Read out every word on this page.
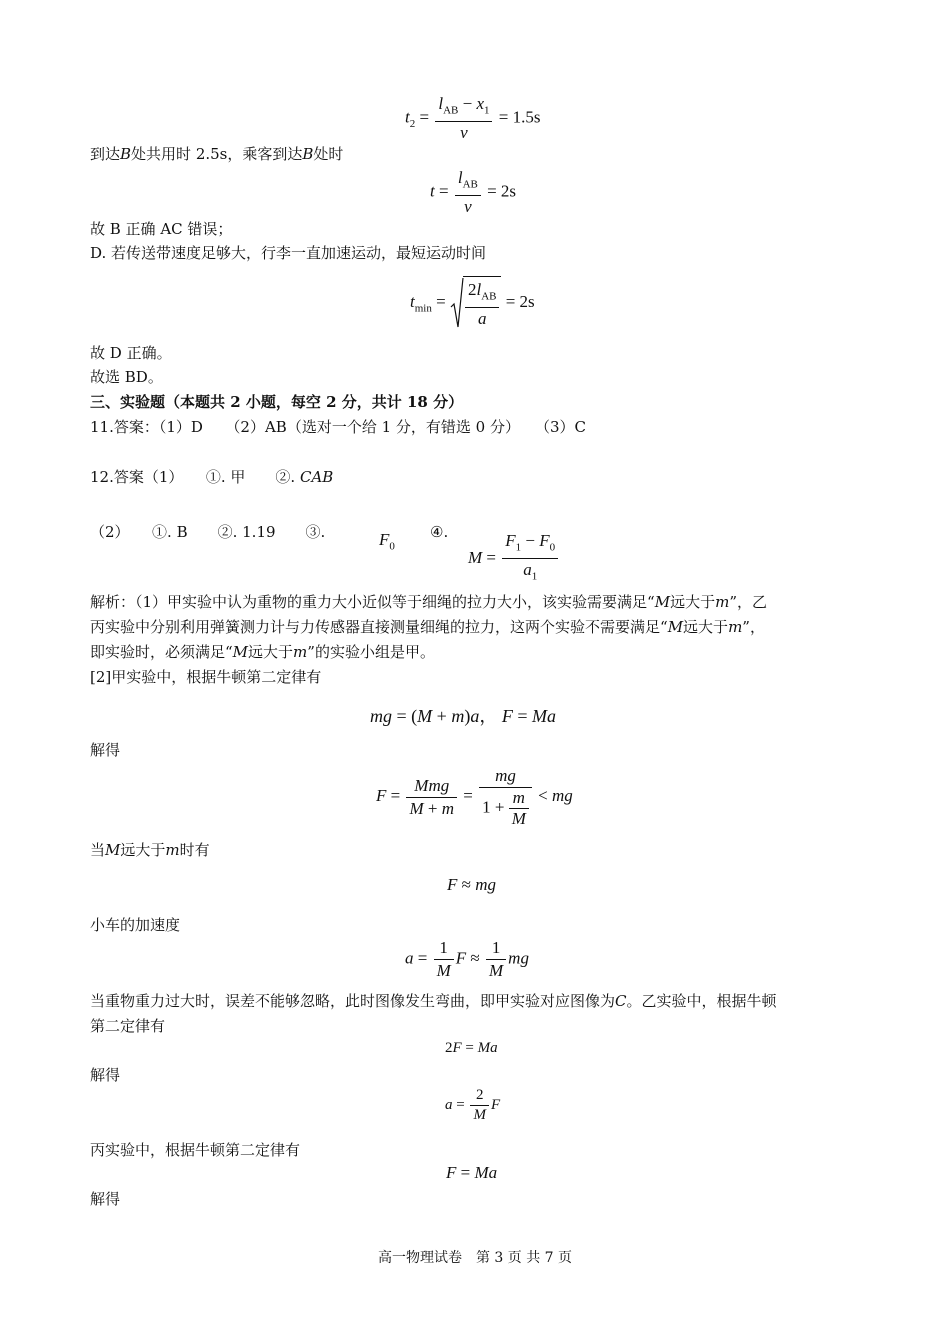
$t_2 = \frac{l_{AB} - x_1}{v} = 1.5s$
到达B处共用时 2.5s，乘客到达B处时
$t = \frac{l_{AB}}{v} = 2s$
故 B 正确 AC 错误；
D. 若传送带速度足够大，行李一直加速运动，最短运动时间
$t_{min} = \frac{2l_{AB}}{a} = 2s$
故 D 正确。
故选 BD。
三、实验题（本题共 2 小题，每空 2 分，共计 18 分）
11.答案：（1）D　　（2）AB（选对一个给 1 分，有错选 0 分）　　（3）C
12.答案（1）　　①. 甲　　②. CAB
（2）　　①. B　　②. 1.19　　③.	$F_0$
④.
$M = \frac{F_1 - F_0}{a_1}$
解析：（1）甲实验中认为重物的重力大小近似等于细绳的拉力大小，该实验需要满足“M远大于m”，乙
丙实验中分别利用弹簧测力计与力传感器直接测量细绳的拉力，这两个实验不需要满足“M远大于m”，
即实验时，必须满足“M远大于m”的实验小组是甲。
[2]甲实验中，根据牛顿第二定律有
mg = (M + m)a， F = Ma
解得
$F = \frac{\text{Mmg}}{M + m} = \frac{mg}{1 + \frac{m}{M}}$ < mg
当M远大于m时有
F ≈ mg
小车的加速度
$a = \frac{1}{M}$ $F \approx \frac{1}{M}$ mg
当重物重力过大时，误差不能够忽略，此时图像发生弯曲，即甲实验对应图像为C。乙实验中，根据牛顿
第二定律有
2F = Ma
解得
$a = \frac{2}{M}$ F
丙实验中，根据牛顿第二定律有
F = Ma
解得
高一物理试卷　第 3 页 共 7 页
